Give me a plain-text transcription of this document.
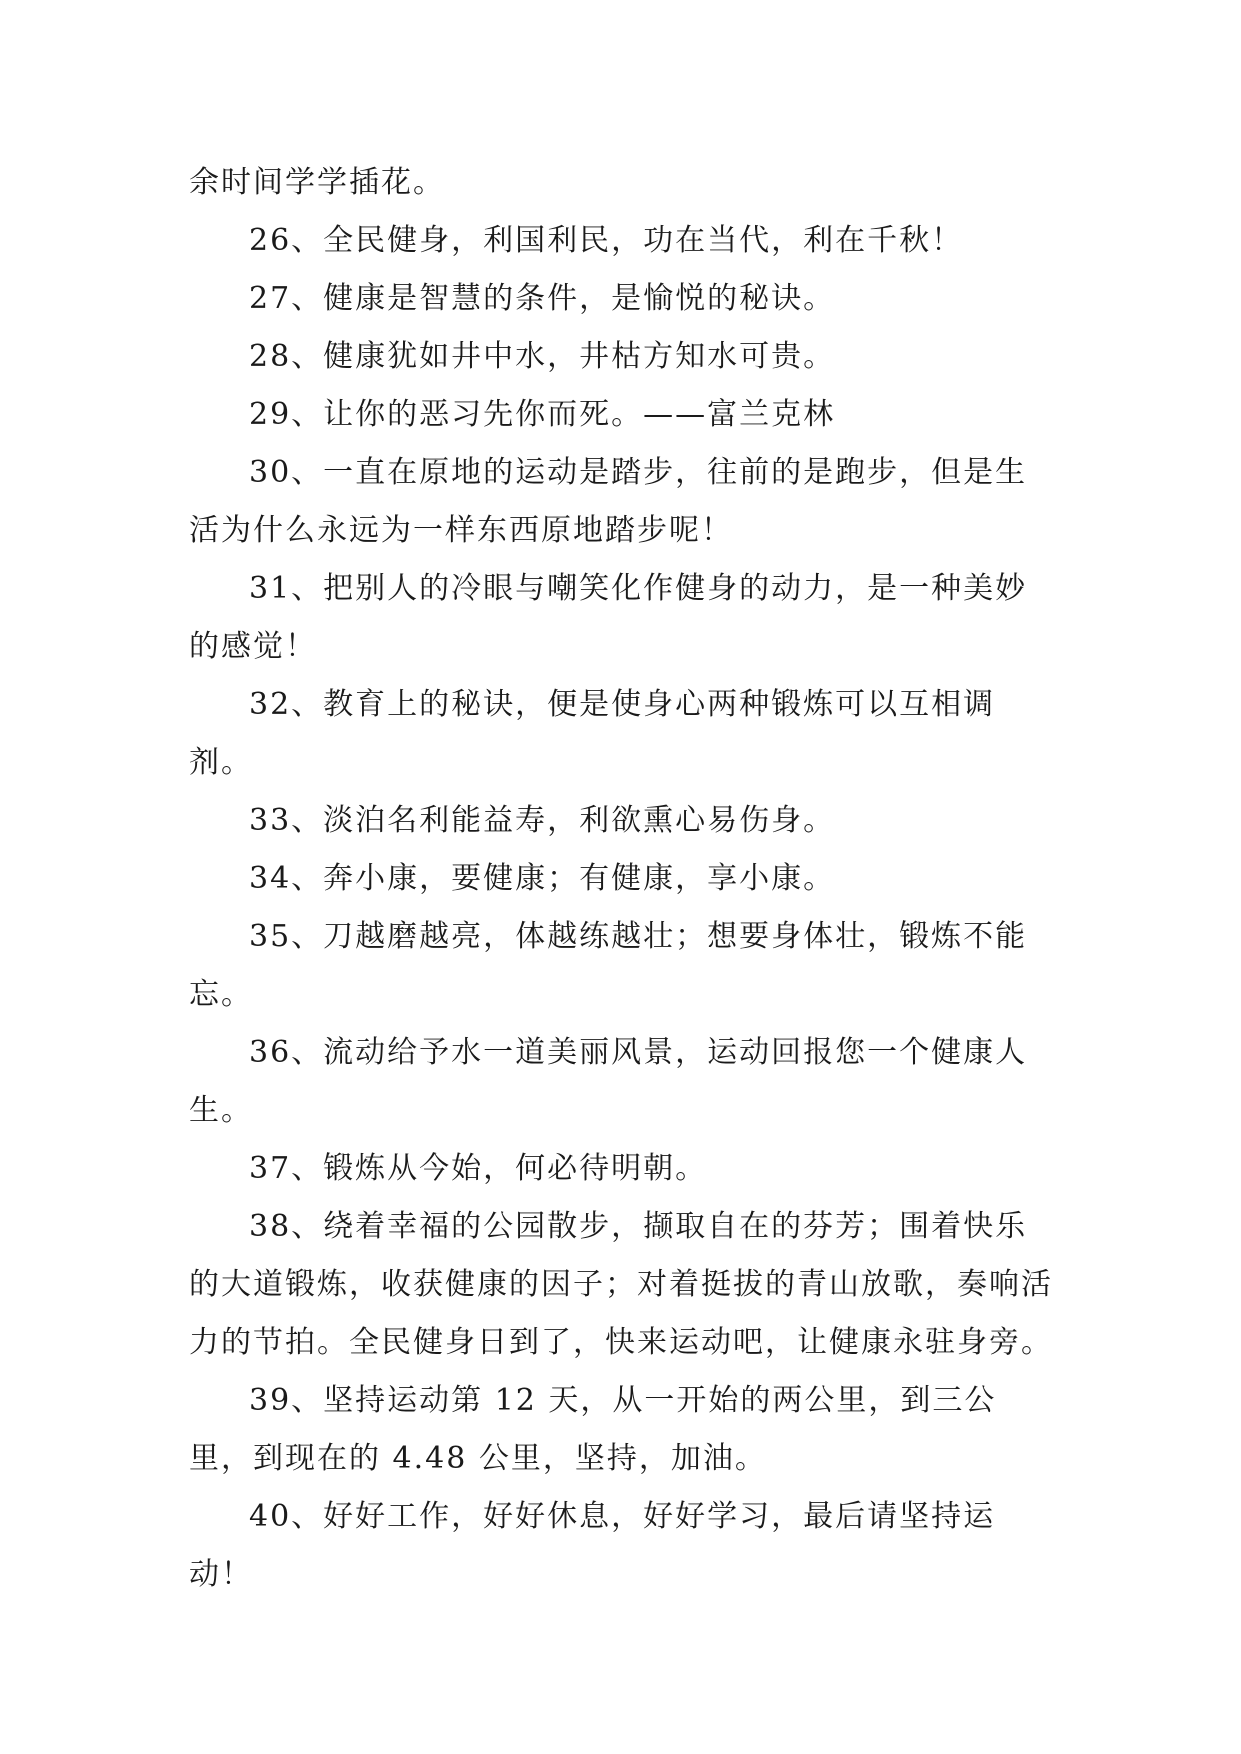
余时间学学插花。

26、全民健身，利国利民，功在当代，利在千秋！

27、健康是智慧的条件，是愉悦的秘诀。

28、健康犹如井中水，井枯方知水可贵。

29、让你的恶习先你而死。——富兰克林

30、一直在原地的运动是踏步，往前的是跑步，但是生活为什么永远为一样东西原地踏步呢！

31、把别人的冷眼与嘲笑化作健身的动力，是一种美妙的感觉！

32、教育上的秘诀，便是使身心两种锻炼可以互相调剂。

33、淡泊名利能益寿，利欲熏心易伤身。

34、奔小康，要健康；有健康，享小康。

35、刀越磨越亮，体越练越壮；想要身体壮，锻炼不能忘。

36、流动给予水一道美丽风景，运动回报您一个健康人生。

37、锻炼从今始，何必待明朝。

38、绕着幸福的公园散步，撷取自在的芬芳；围着快乐的大道锻炼，收获健康的因子；对着挺拔的青山放歌，奏响活力的节拍。全民健身日到了，快来运动吧，让健康永驻身旁。

39、坚持运动第 12 天，从一开始的两公里，到三公里，到现在的 4.48 公里，坚持，加油。

40、好好工作，好好休息，好好学习，最后请坚持运动！
